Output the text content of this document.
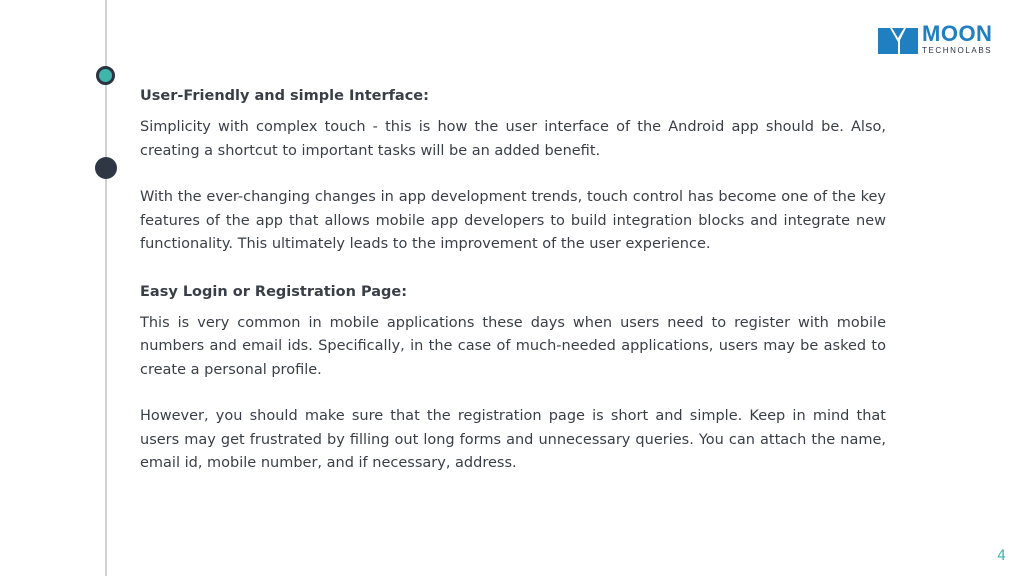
MOON
TECHNOLABS
User-Friendly and simple Interface:

Simplicity with complex touch - this is how the user interface of the Android app should be. Also, creating a shortcut to important tasks will be an added benefit.

With the ever-changing changes in app development trends, touch control has become one of the key features of the app that allows mobile app developers to build integration blocks and integrate new functionality. This ultimately leads to the improvement of the user experience.

Easy Login or Registration Page:

This is very common in mobile applications these days when users need to register with mobile numbers and email ids. Specifically, in the case of much-needed applications, users may be asked to create a personal profile.

However, you should make sure that the registration page is short and simple. Keep in mind that users may get frustrated by filling out long forms and unnecessary queries. You can attach the name, email id, mobile number, and if necessary, address.

4
